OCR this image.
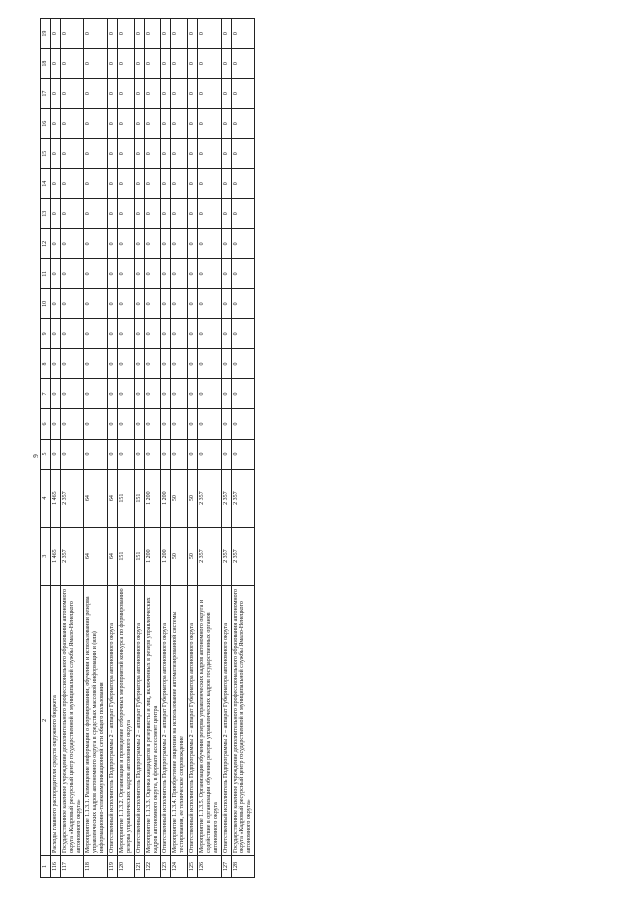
9
1	2	3	4	5	6	7	8	9	10	11	12	13	14	15	16	17	18	19
116	Расходы главного распорядителя средств окружного бюджета	1 465	1 465	0	0	0	0	0	0	0	0	0	0	0	0	0	0	0
117	Государственное казенное учреждение дополнительного профессионального образования автономного округа «Кадровый ресурсный центр государственной и муниципальной службы Ямало-Ненецкого автономного округа»	2 357	2 357	0	0	0	0	0	0	0	0	0	0	0	0	0	0	0
118	Мероприятие 1.1.3.1. Размещение информации о формировании, обучении и использовании резерва управленческих кадров автономного округа в средствах массовой информации и (или) информационно-телекоммуникационной сети общего пользования	64	64	0	0	0	0	0	0	0	0	0	0	0	0	0	0	0
119	Ответственный исполнитель Подпрограммы 2 – аппарат Губернатора автономного округа	64	64	0	0	0	0	0	0	0	0	0	0	0	0	0	0	0
120	Мероприятие 1.1.3.2. Организация и проведение отборочных мероприятий конкурса по формированию резерва управленческих кадров автономного округа	151	151	0	0	0	0	0	0	0	0	0	0	0	0	0	0	0
121	Ответственный исполнитель Подпрограммы 2 – аппарат Губернатора автономного округа	151	151	0	0	0	0	0	0	0	0	0	0	0	0	0	0	0
122	Мероприятие 1.1.3.3. Оценка кандидатов в резервисты и лиц, включенных в резерв управленческих кадров автономного округа, в формате ассессмент центра	1 200	1 200	0	0	0	0	0	0	0	0	0	0	0	0	0	0	0
123	Ответственный исполнитель Подпрограммы 2 – аппарат Губернатора автономного округа	1 200	1 200	0	0	0	0	0	0	0	0	0	0	0	0	0	0	0
124	Мероприятие 1.1.3.4. Приобретение лицензии на использование автоматизированной системы тестирования, ее техническое сопровождение	50	50	0	0	0	0	0	0	0	0	0	0	0	0	0	0	0
125	Ответственный исполнитель Подпрограммы 2 – аппарат Губернатора автономного округа	50	50	0	0	0	0	0	0	0	0	0	0	0	0	0	0	0
126	Мероприятие 1.1.3.5. Организация обучения резерва управленческих кадров автономного округа и содействие в организации обучения резерва управленческих кадров государственных органов автономного округа	2 357	2 357	0	0	0	0	0	0	0	0	0	0	0	0	0	0	0
127	Ответственный исполнитель Подпрограммы 2 – аппарат Губернатора автономного округа	2 357	2 357	0	0	0	0	0	0	0	0	0	0	0	0	0	0	0
128	Государственное казенное учреждение дополнительного профессионального образования автономного округа «Кадровый ресурсный центр государственной и муниципальной службы Ямало-Ненецкого автономного округа»	2 357	2 357	0	0	0	0	0	0	0	0	0	0	0	0	0	0	0
